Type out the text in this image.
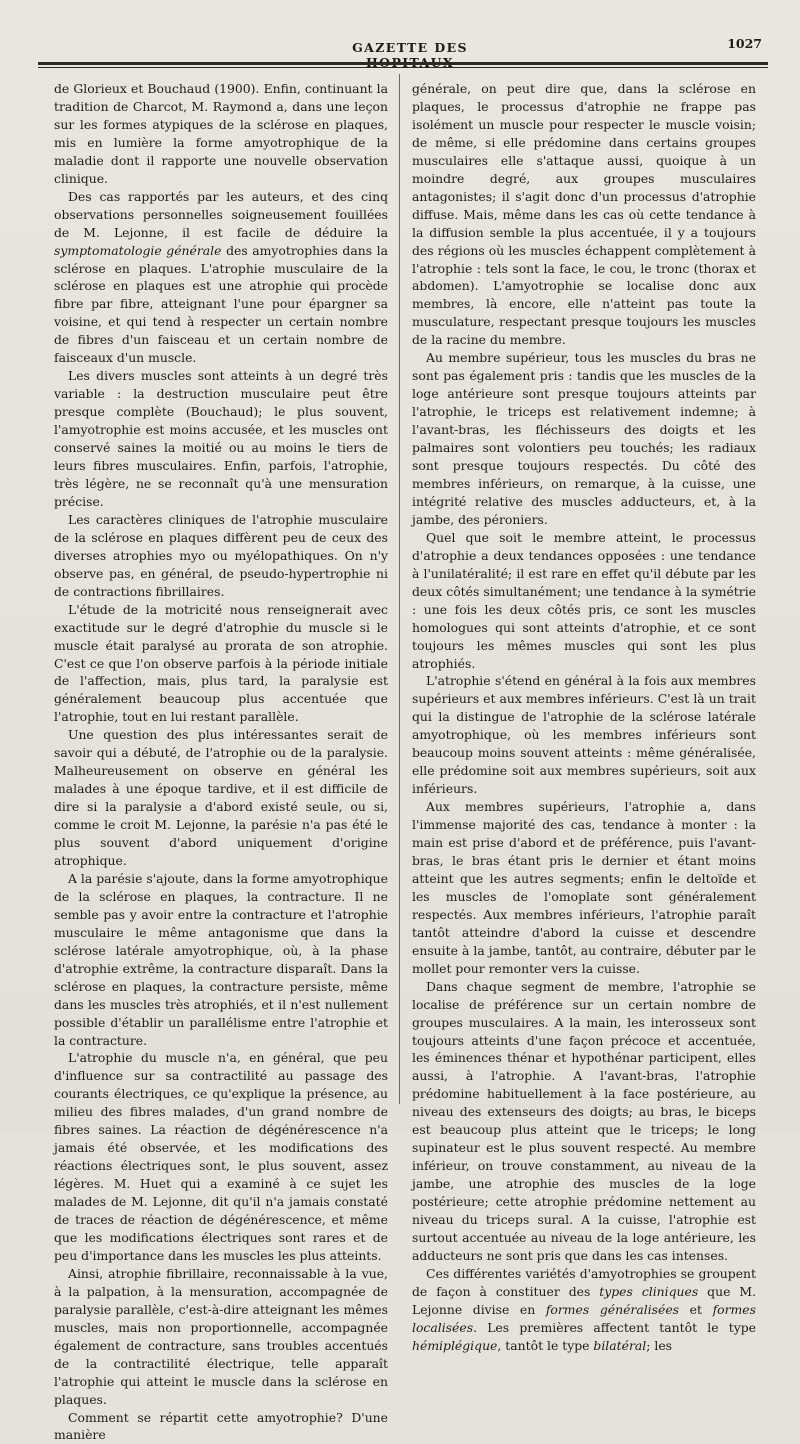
GAZETTE DES	1027

de Glorieux et Bouchaud (1900). Enfin, continuant la tradition de Charcot, M. Raymond a, dans une leçon sur les formes atypiques de la sclérose en plaques, mis en lumière la forme amyotrophique de la maladie dont il rapporte une nouvelle observation clinique.

Des cas rapportés par les auteurs, et des cinq observations personnelles soigneusement fouillées de M. Lejonne, il est facile de déduire la symptomatologie générale des amyotrophies dans la sclérose en plaques. L'atrophie musculaire de la sclérose en plaques est une atrophie qui procède fibre par fibre, atteignant l'une pour épargner sa voisine, et qui tend à respecter un certain nombre de fibres d'un faisceau et un certain nombre de faisceaux d'un muscle.

Les divers muscles sont atteints à un degré très variable : la destruction musculaire peut être presque complète (Bouchaud); le plus souvent, l'amyotrophie est moins accusée, et les muscles ont conservé saines la moitié ou au moins le tiers de leurs fibres musculaires. Enfin, parfois, l'atrophie, très légère, ne se reconnaît qu'à une mensuration précise.

Les caractères cliniques de l'atrophie musculaire de la sclérose en plaques diffèrent peu de ceux des diverses atrophies myo ou myélopathiques. On n'y observe pas, en général, de pseudo-hypertrophie ni de contractions fibrillaires.

L'étude de la motricité nous renseignerait avec exactitude sur le degré d'atrophie du muscle si le muscle était paralysé au prorata de son atrophie. C'est ce que l'on observe parfois à la période initiale de l'affection, mais, plus tard, la paralysie est généralement beaucoup plus accentuée que l'atrophie, tout en lui restant parallèle.

Une question des plus intéressantes serait de savoir qui a débuté, de l'atrophie ou de la paralysie. Malheureusement on observe en général les malades à une époque tardive, et il est difficile de dire si la paralysie a d'abord existé seule, ou si, comme le croit M. Lejonne, la parésie n'a pas été le plus souvent d'abord uniquement d'origine atrophique.

A la parésie s'ajoute, dans la forme amyotrophique de la sclérose en plaques, la contracture. Il ne semble pas y avoir entre la contracture et l'atrophie musculaire le même antagonisme que dans la sclérose latérale amyotrophique, où, à la phase d'atrophie extrême, la contracture disparaît. Dans la sclérose en plaques, la contracture persiste, même dans les muscles très atrophiés, et il n'est nullement possible d'établir un parallélisme entre l'atrophie et la contracture.

L'atrophie du muscle n'a, en général, que peu d'influence sur sa contractilité au passage des courants électriques, ce qu'explique la présence, au milieu des fibres malades, d'un grand nombre de fibres saines. La réaction de dégénérescence n'a jamais été observée, et les modifications des réactions électriques sont, le plus souvent, assez légères. M. Huet qui a examiné à ce sujet les malades de M. Lejonne, dit qu'il n'a jamais constaté de traces de réaction de dégénérescence, et même que les modifications électriques sont rares et de peu d'importance dans les muscles les plus atteints.

Ainsi, atrophie fibrillaire, reconnaissable à la vue, à la palpation, à la mensuration, accompagnée de paralysie parallèle, c'est-à-dire atteignant les mêmes muscles, mais non proportionnelle, accompagnée également de contracture, sans troubles accentués de la contractilité électrique, telle apparaît l'atrophie qui atteint le muscle dans la sclérose en plaques.

Comment se répartit cette amyotrophie? D'une manière

générale, on peut dire que, dans la sclérose en plaques, le processus d'atrophie ne frappe pas isolément un muscle pour respecter le muscle voisin; de même, si elle prédomine dans certains groupes musculaires elle s'attaque aussi, quoique à un moindre degré, aux groupes musculaires antagonistes; il s'agit donc d'un processus d'atrophie diffuse. Mais, même dans les cas où cette tendance à la diffusion semble la plus accentuée, il y a toujours des régions où les muscles échappent complètement à l'atrophie : tels sont la face, le cou, le tronc (thorax et abdomen). L'amyotrophie se localise donc aux membres, là encore, elle n'atteint pas toute la musculature, respectant presque toujours les muscles de la racine du membre.

Au membre supérieur, tous les muscles du bras ne sont pas également pris : tandis que les muscles de la loge antérieure sont presque toujours atteints par l'atrophie, le triceps est relativement indemne; à l'avant-bras, les fléchisseurs des doigts et les palmaires sont volontiers peu touchés; les radiaux sont presque toujours respectés. Du côté des membres inférieurs, on remarque, à la cuisse, une intégrité relative des muscles adducteurs, et, à la jambe, des péroniers.

Quel que soit le membre atteint, le processus d'atrophie a deux tendances opposées : une tendance à l'unilatéralité; il est rare en effet qu'il débute par les deux côtés simultanément; une tendance à la symétrie : une fois les deux côtés pris, ce sont les muscles homologues qui sont atteints d'atrophie, et ce sont toujours les mêmes muscles qui sont les plus atrophiés.

L'atrophie s'étend en général à la fois aux membres supérieurs et aux membres inférieurs. C'est là un trait qui la distingue de l'atrophie de la sclérose latérale amyotrophique, où les membres inférieurs sont beaucoup moins souvent atteints : même généralisée, elle prédomine soit aux membres supérieurs, soit aux inférieurs.

Aux membres supérieurs, l'atrophie a, dans l'immense majorité des cas, tendance à monter : la main est prise d'abord et de préférence, puis l'avant-bras, le bras étant pris le dernier et étant moins atteint que les autres segments; enfin le deltoïde et les muscles de l'omoplate sont généralement respectés. Aux membres inférieurs, l'atrophie paraît tantôt atteindre d'abord la cuisse et descendre ensuite à la jambe, tantôt, au contraire, débuter par le mollet pour remonter vers la cuisse.

Dans chaque segment de membre, l'atrophie se localise de préférence sur un certain nombre de groupes musculaires. A la main, les interosseux sont toujours atteints d'une façon précoce et accentuée, les éminences thénar et hypothénar participent, elles aussi, à l'atrophie. A l'avant-bras, l'atrophie prédomine habituellement à la face postérieure, au niveau des extenseurs des doigts; au bras, le biceps est beaucoup plus atteint que le triceps; le long supinateur est le plus souvent respecté. Au membre inférieur, on trouve constamment, au niveau de la jambe, une atrophie des muscles de la loge postérieure; cette atrophie prédomine nettement au niveau du triceps sural. A la cuisse, l'atrophie est surtout accentuée au niveau de la loge antérieure, les adducteurs ne sont pris que dans les cas intenses.

Ces différentes variétés d'amyotrophies se groupent de façon à constituer des types cliniques que M. Lejonne divise en formes généralisées et formes localisées. Les premières affectent tantôt le type hémiplégique, tantôt le type bilatéral; les
